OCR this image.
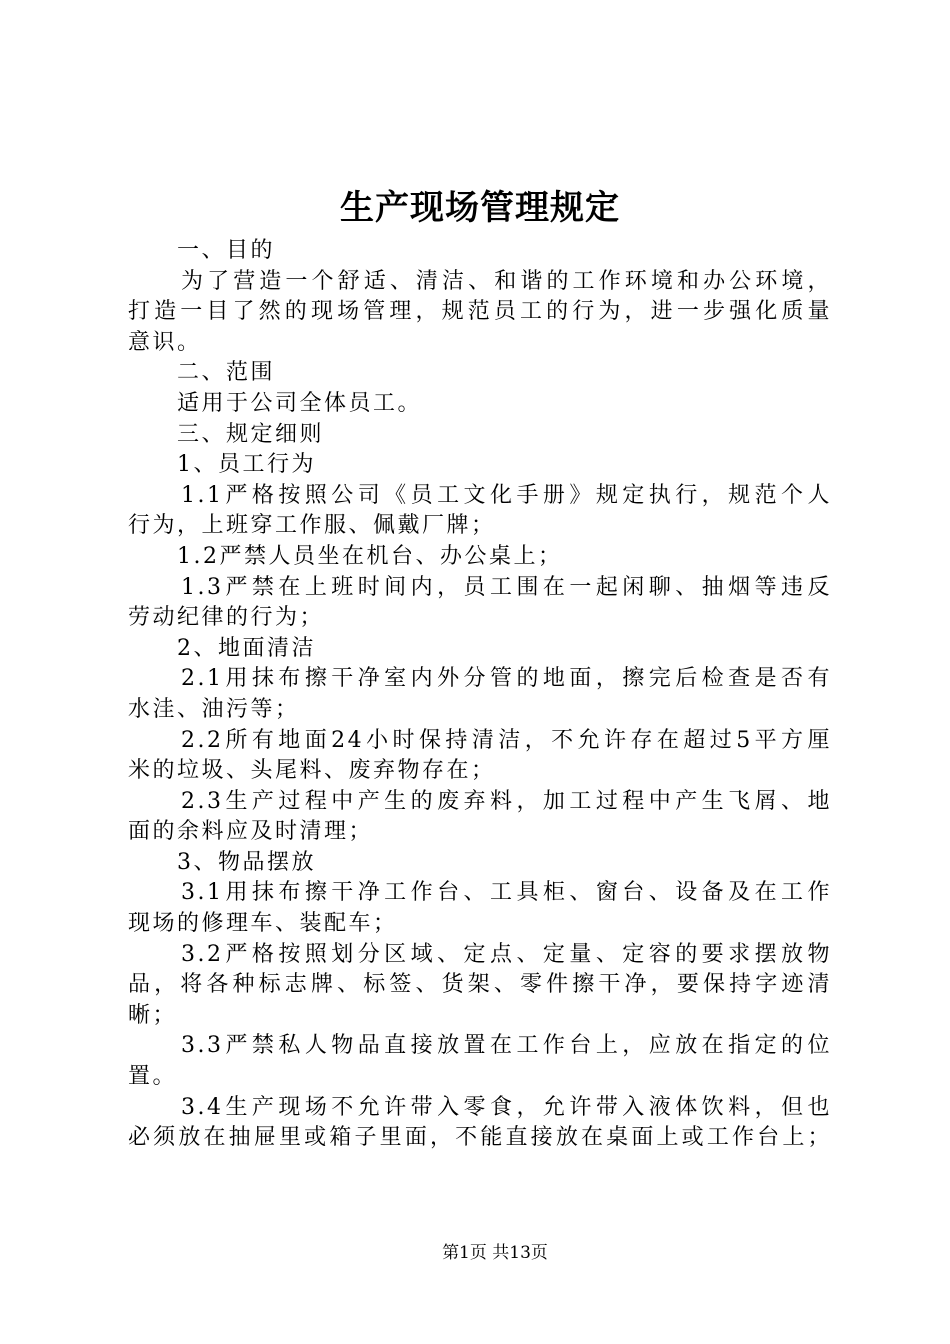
生产现场管理规定

一、目的

为了营造一个舒适、清洁、和谐的工作环境和办公环境，

打造一目了然的现场管理，规范员工的行为，进一步强化质量

意识。

二、范围

适用于公司全体员工。

三、规定细则

1、员工行为

1.1严格按照公司《员工文化手册》规定执行，规范个人

行为，上班穿工作服、佩戴厂牌；

1.2严禁人员坐在机台、办公桌上；

1.3严禁在上班时间内，员工围在一起闲聊、抽烟等违反

劳动纪律的行为；

2、地面清洁

2.1用抹布擦干净室内外分管的地面，擦完后检查是否有

水洼、油污等；

2.2所有地面24小时保持清洁，不允许存在超过5平方厘

米的垃圾、头尾料、废弃物存在；

2.3生产过程中产生的废弃料，加工过程中产生飞屑、地

面的余料应及时清理；

3、物品摆放

3.1用抹布擦干净工作台、工具柜、窗台、设备及在工作

现场的修理车、装配车；

3.2严格按照划分区域、定点、定量、定容的要求摆放物

品，将各种标志牌、标签、货架、零件擦干净，要保持字迹清

晰；

3.3严禁私人物品直接放置在工作台上，应放在指定的位

置。

3.4生产现场不允许带入零食，允许带入液体饮料，但也

必须放在抽屉里或箱子里面，不能直接放在桌面上或工作台上；

第1页 共13页
